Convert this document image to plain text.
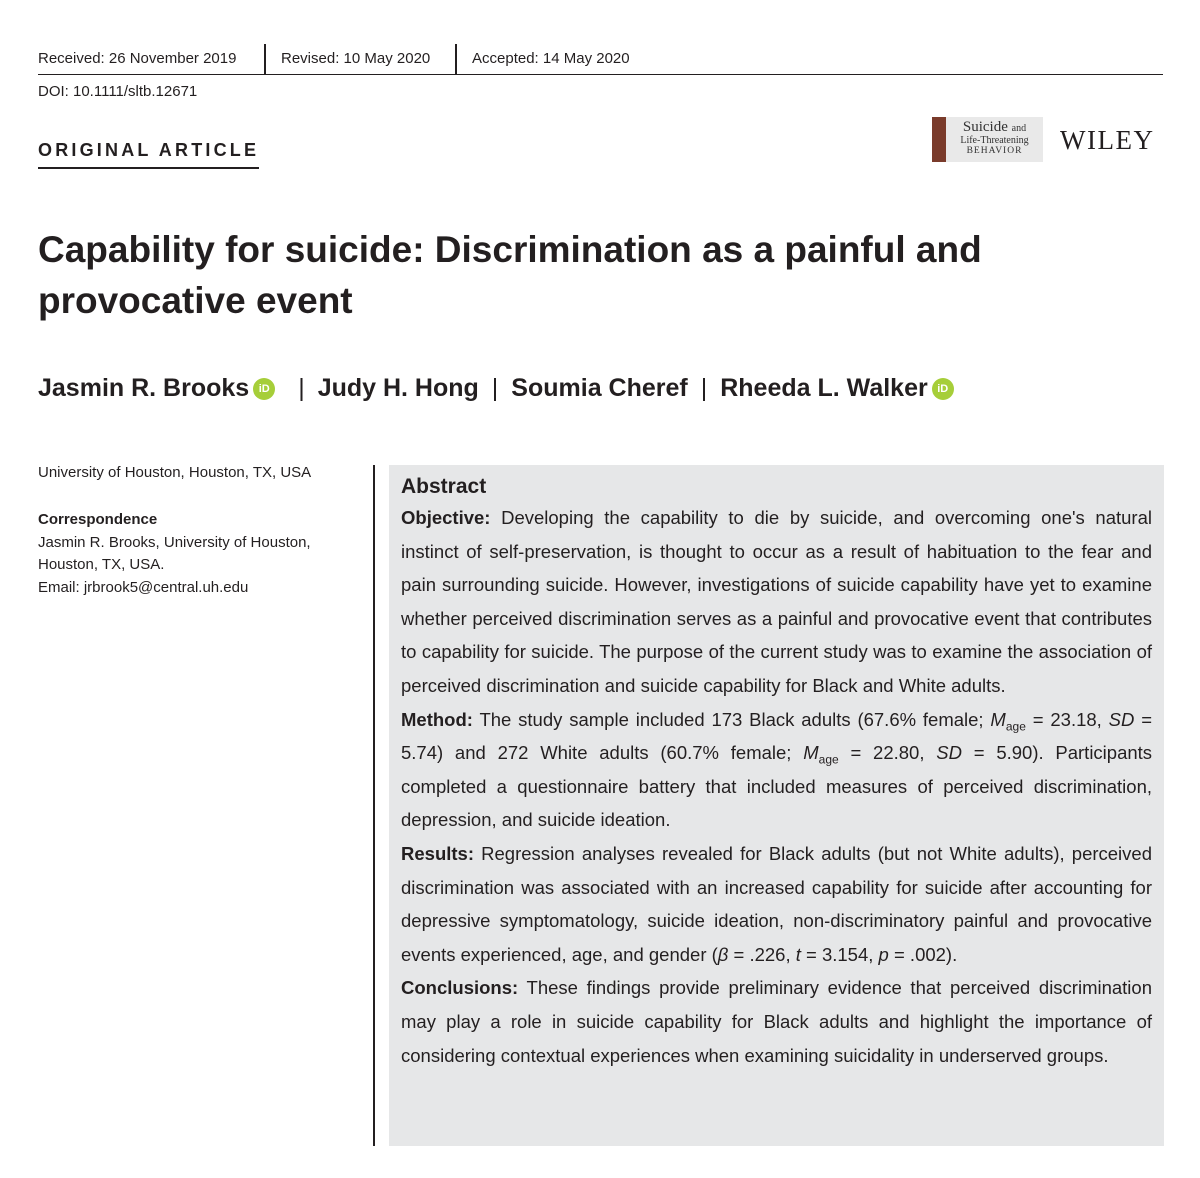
Received: 26 November 2019	Revised: 10 May 2020	Accepted: 14 May 2020
DOI: 10.1111/sltb.12671
ORIGINAL ARTICLE
Suicide and
Life-Threatening
BEHAVIOR	WILEY
Capability for suicide: Discrimination as a painful and provocative event
Jasmin R. Brooks iD | Judy H. Hong | Soumia Cheref | Rheeda L. Walker iD
University of Houston, Houston, TX, USA
Correspondence
Jasmin R. Brooks, University of Houston,
Houston, TX, USA.
Email: jrbrook5@central.uh.edu
Abstract

Objective: Developing the capability to die by suicide, and overcoming one's natural instinct of self-preservation, is thought to occur as a result of habituation to the fear and pain surrounding suicide. However, investigations of suicide capability have yet to examine whether perceived discrimination serves as a painful and provocative event that contributes to capability for suicide. The purpose of the current study was to examine the association of perceived discrimination and suicide capability for Black and White adults.

Method: The study sample included 173 Black adults (67.6% female; $M_{age} = 23.18$, SD = 5.74) and 272 White adults (60.7% female; $M_{age} = 22.80$, SD = 5.90). Participants completed a questionnaire battery that included measures of perceived discrimination, depression, and suicide ideation.

Results: Regression analyses revealed for Black adults (but not White adults), perceived discrimination was associated with an increased capability for suicide after accounting for depressive symptomatology, suicide ideation, non-discriminatory painful and provocative events experienced, age, and gender (β = .226, t = 3.154, p = .002).

Conclusions: These findings provide preliminary evidence that perceived discrimination may play a role in suicide capability for Black adults and highlight the importance of considering contextual experiences when examining suicidality in underserved groups.
